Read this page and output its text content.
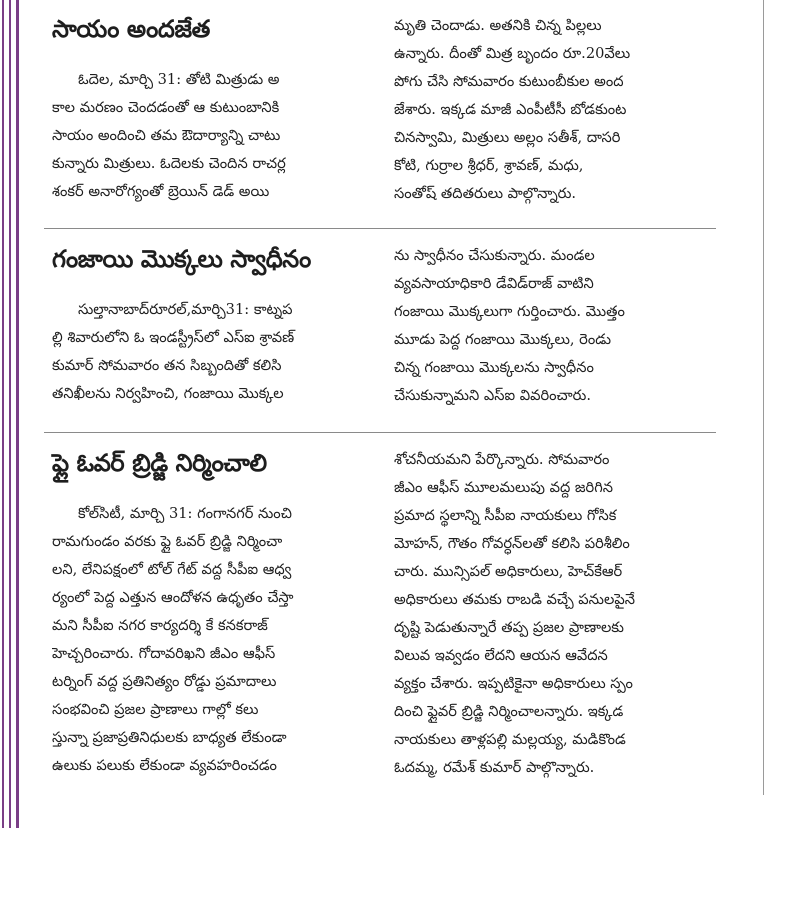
సాయం అందజేత

ఓదెల, మార్చి 31: తోటి మిత్రుడు అ
కాల మరణం చెందడంతో ఆ కుటుంబానికి
సాయం అందించి తమ ఔదార్యాన్ని చాటు
కున్నారు మిత్రులు. ఓదెలకు చెందిన రాచర్ల
శంకర్ అనారోగ్యంతో బ్రెయిన్ డెడ్ అయి

మృతి చెందాడు. అతనికి చిన్న పిల్లలు
ఉన్నారు. దీంతో మిత్ర బృందం రూ.20వేలు
పోగు చేసి సోమవారం కుటుంబీకుల అంద
జేశారు. ఇక్కడ మాజీ ఎంపీటీసీ బోడకుంట
చినస్వామి, మిత్రులు అల్లం సతీశ్, దాసరి
కోటి, గుర్రాల శ్రీధర్, శ్రావణ్, మధు,
సంతోష్ తదితరులు పాల్గొన్నారు.

గంజాయి మొక్కలు స్వాధీనం

సుల్తానాబాద్‌రూరల్,మార్చి31: కాట్నప
ల్లి శివారులోని ఓ ఇండస్ట్రీస్‌లో ఎస్ఐ శ్రావణ్
కుమార్ సోమవారం తన సిబ్బందితో కలిసి
తనిఖీలను నిర్వహించి, గంజాయి మొక్కల

ను స్వాధీనం చేసుకున్నారు. మండల
వ్యవసాయాధికారి డేవిడ్‌రాజ్ వాటిని
గంజాయి మొక్కలుగా గుర్తించారు. మొత్తం
మూడు పెద్ద గంజాయి మొక్కలు, రెండు
చిన్న గంజాయి మొక్కలను స్వాధీనం
చేసుకున్నామని ఎస్ఐ వివరించారు.

ఫ్లై ఓవర్ బ్రిడ్జి నిర్మించాలి

కోల్‌సిటీ, మార్చి 31: గంగానగర్ నుంచి
రామగుండం వరకు ఫ్లై ఓవర్ బ్రిడ్జి నిర్మించా
లని, లేనిపక్షంలో టోల్ గేట్ వద్ద సీపీఐ ఆధ్వ
ర్యంలో పెద్ద ఎత్తున ఆందోళన ఉధృతం చేస్తా
మని సీపీఐ నగర కార్యదర్శి కే కనకరాజ్
హెచ్చరించారు. గోదావరిఖని జీఎం ఆఫీస్
టర్నింగ్ వద్ద ప్రతినిత్యం రోడ్డు ప్రమాదాలు
సంభవించి ప్రజల ప్రాణాలు గాల్లో కలు
స్తున్నా ప్రజాప్రతినిధులకు బాధ్యత లేకుండా
ఉలుకు పలుకు లేకుండా వ్యవహరించడం

శోచనీయమని పేర్కొన్నారు. సోమవారం
జీఎం ఆఫీస్ మూలమలుపు వద్ద జరిగిన
ప్రమాద స్థలాన్ని సీపీఐ నాయకులు గోసిక
మోహన్, గౌతం గోవర్ధన్‌లతో కలిసి పరిశీలిం
చారు. మున్సిపల్ అధికారులు, హెచ్‌కేఆర్
అధికారులు తమకు రాబడి వచ్చే పనులపైనే
దృష్టి పెడుతున్నారే తప్ప ప్రజల ప్రాణాలకు
విలువ ఇవ్వడం లేదని ఆయన ఆవేదన
వ్యక్తం చేశారు. ఇప్పటికైనా అధికారులు స్పం
దించి ఫ్లైవర్ బ్రిడ్జి నిర్మించాలన్నారు. ఇక్కడ
నాయకులు తాళ్లపల్లి మల్లయ్య, మడికొండ
ఓదమ్మ, రమేశ్ కుమార్ పాల్గొన్నారు.
